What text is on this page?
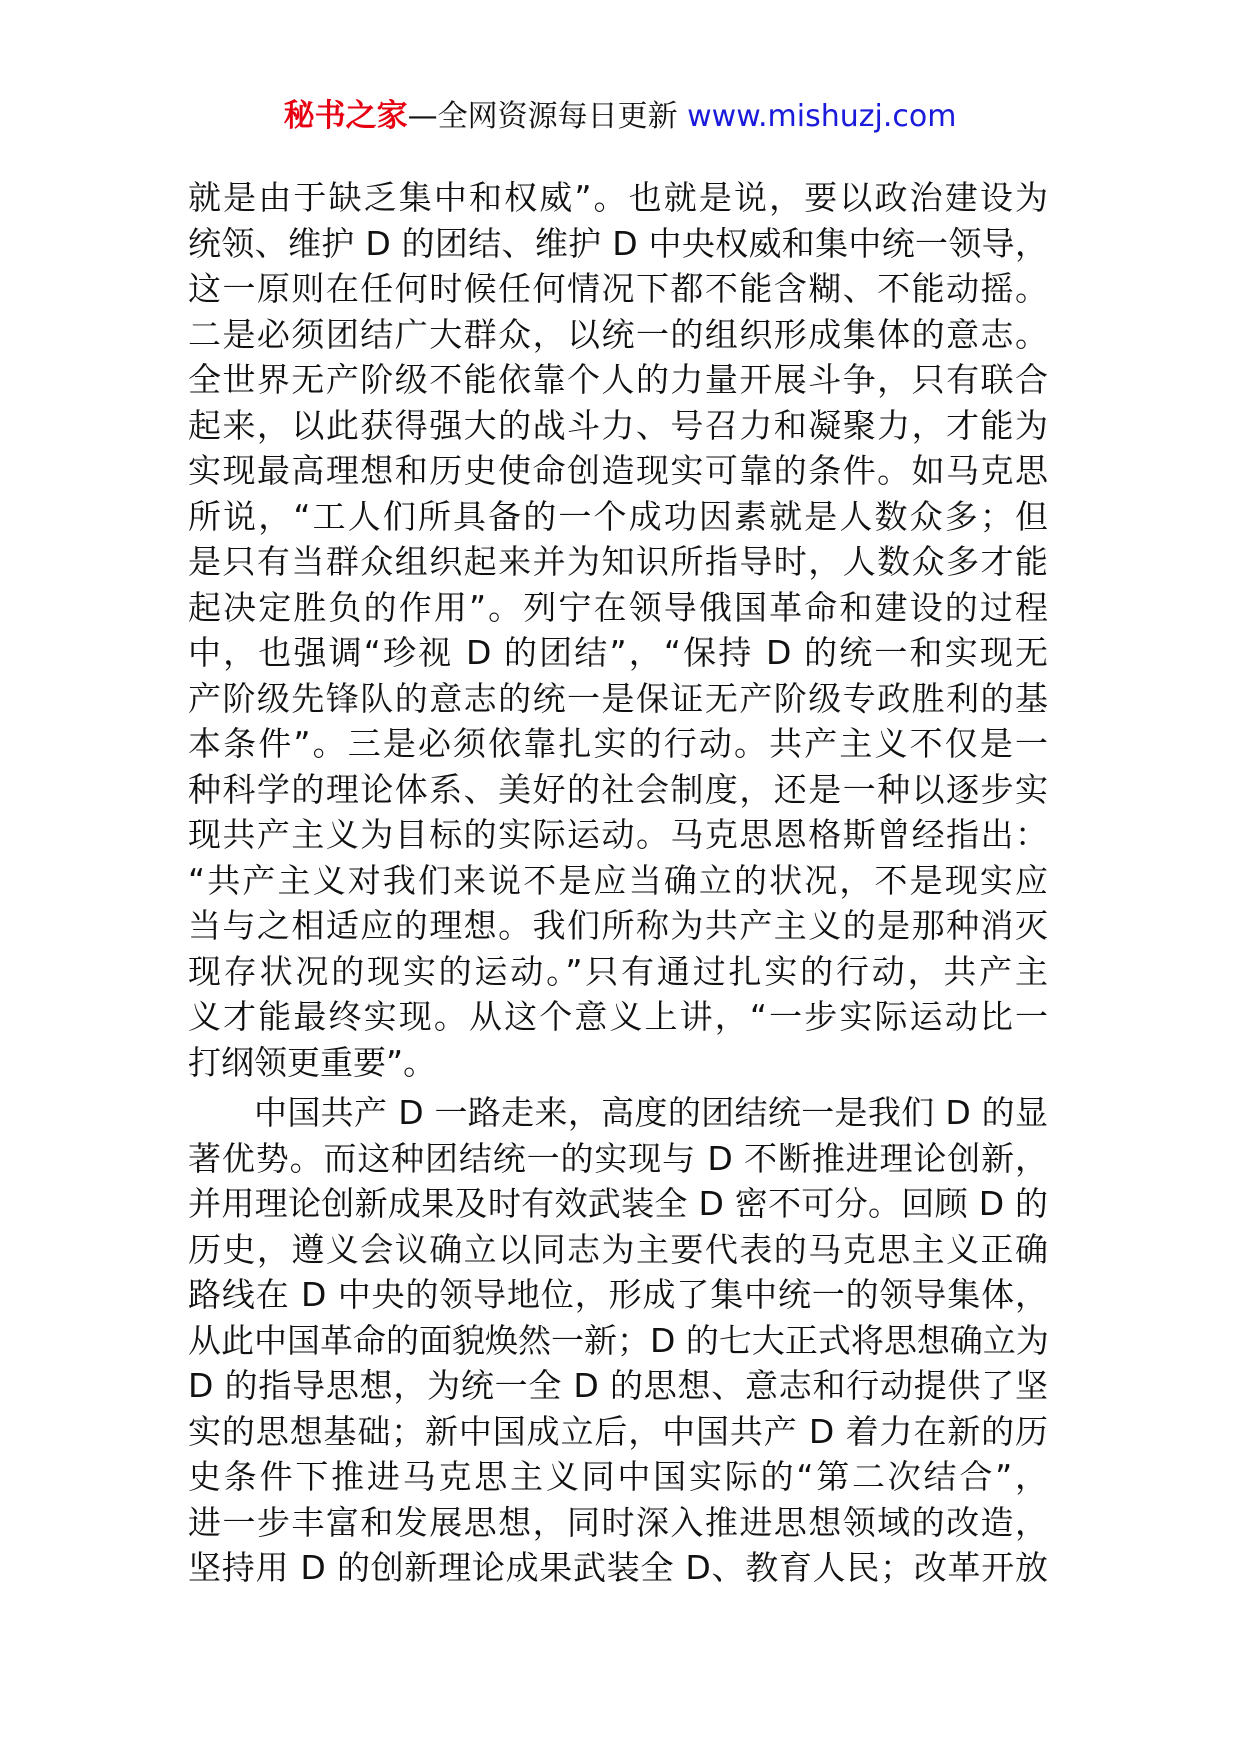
秘书之家—全网资源每日更新 www.mishuzj.com
就是由于缺乏集中和权威”。也就是说，要以政治建设为
统领、维护 D 的团结、维护 D 中央权威和集中统一领导，
这一原则在任何时候任何情况下都不能含糊、不能动摇。
二是必须团结广大群众，以统一的组织形成集体的意志。
全世界无产阶级不能依靠个人的力量开展斗争，只有联合
起来，以此获得强大的战斗力、号召力和凝聚力，才能为
实现最高理想和历史使命创造现实可靠的条件。如马克思
所说，“工人们所具备的一个成功因素就是人数众多；但
是只有当群众组织起来并为知识所指导时，人数众多才能
起决定胜负的作用”。列宁在领导俄国革命和建设的过程
中，也强调“珍视 D 的团结”，“保持 D 的统一和实现无
产阶级先锋队的意志的统一是保证无产阶级专政胜利的基
本条件”。三是必须依靠扎实的行动。共产主义不仅是一
种科学的理论体系、美好的社会制度，还是一种以逐步实
现共产主义为目标的实际运动。马克思恩格斯曾经指出：
“共产主义对我们来说不是应当确立的状况，不是现实应
当与之相适应的理想。我们所称为共产主义的是那种消灭
现存状况的现实的运动。”只有通过扎实的行动，共产主
义才能最终实现。从这个意义上讲，“一步实际运动比一
打纲领更重要”。
中国共产 D 一路走来，高度的团结统一是我们 D 的显
著优势。而这种团结统一的实现与 D 不断推进理论创新，
并用理论创新成果及时有效武装全 D 密不可分。回顾 D 的
历史，遵义会议确立以同志为主要代表的马克思主义正确
路线在 D 中央的领导地位，形成了集中统一的领导集体，
从此中国革命的面貌焕然一新；D 的七大正式将思想确立为
D 的指导思想，为统一全 D 的思想、意志和行动提供了坚
实的思想基础；新中国成立后，中国共产 D 着力在新的历
史条件下推进马克思主义同中国实际的“第二次结合”，
进一步丰富和发展思想，同时深入推进思想领域的改造，
坚持用 D 的创新理论成果武装全 D、教育人民；改革开放
